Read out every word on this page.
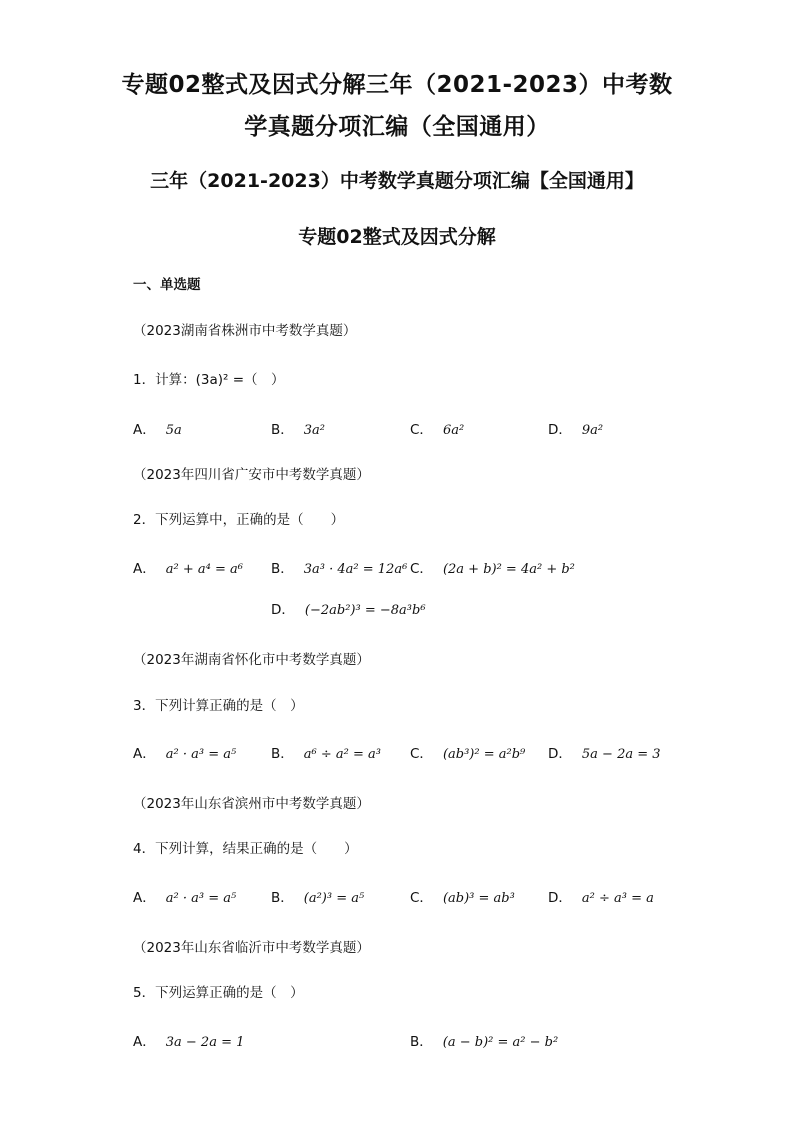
专题02整式及因式分解三年（2021-2023）中考数
学真题分项汇编（全国通用）
三年（2021-2023）中考数学真题分项汇编【全国通用】
专题02整式及因式分解
一、单选题
（2023湖南省株洲市中考数学真题）
1．计算：(3a)² =（　）
A． 5a	B． 3a²	C． 6a²	D． 9a²
（2023年四川省广安市中考数学真题）
2．下列运算中，正确的是（　　）
A． a² + a⁴ = a⁶ B． 3a³ · 4a² = 12a⁶ C． (2a + b)² = 4a² + b²
D． (−2ab²)³ = −8a³b⁶
（2023年湖南省怀化市中考数学真题）
3．下列计算正确的是（　）
A． a² · a³ = a⁵	B． a⁶ ÷ a² = a³ C． (ab³)² = a²b⁹ D． 5a − 2a = 3
（2023年山东省滨州市中考数学真题）
4．下列计算，结果正确的是（　　）
A． a² · a³ = a⁵	B． (a²)³ = a⁵	C． (ab)³ = ab³ D． a² ÷ a³ = a
（2023年山东省临沂市中考数学真题）
5．下列运算正确的是（　）
A． 3a − 2a = 1	B． (a − b)² = a² − b²
